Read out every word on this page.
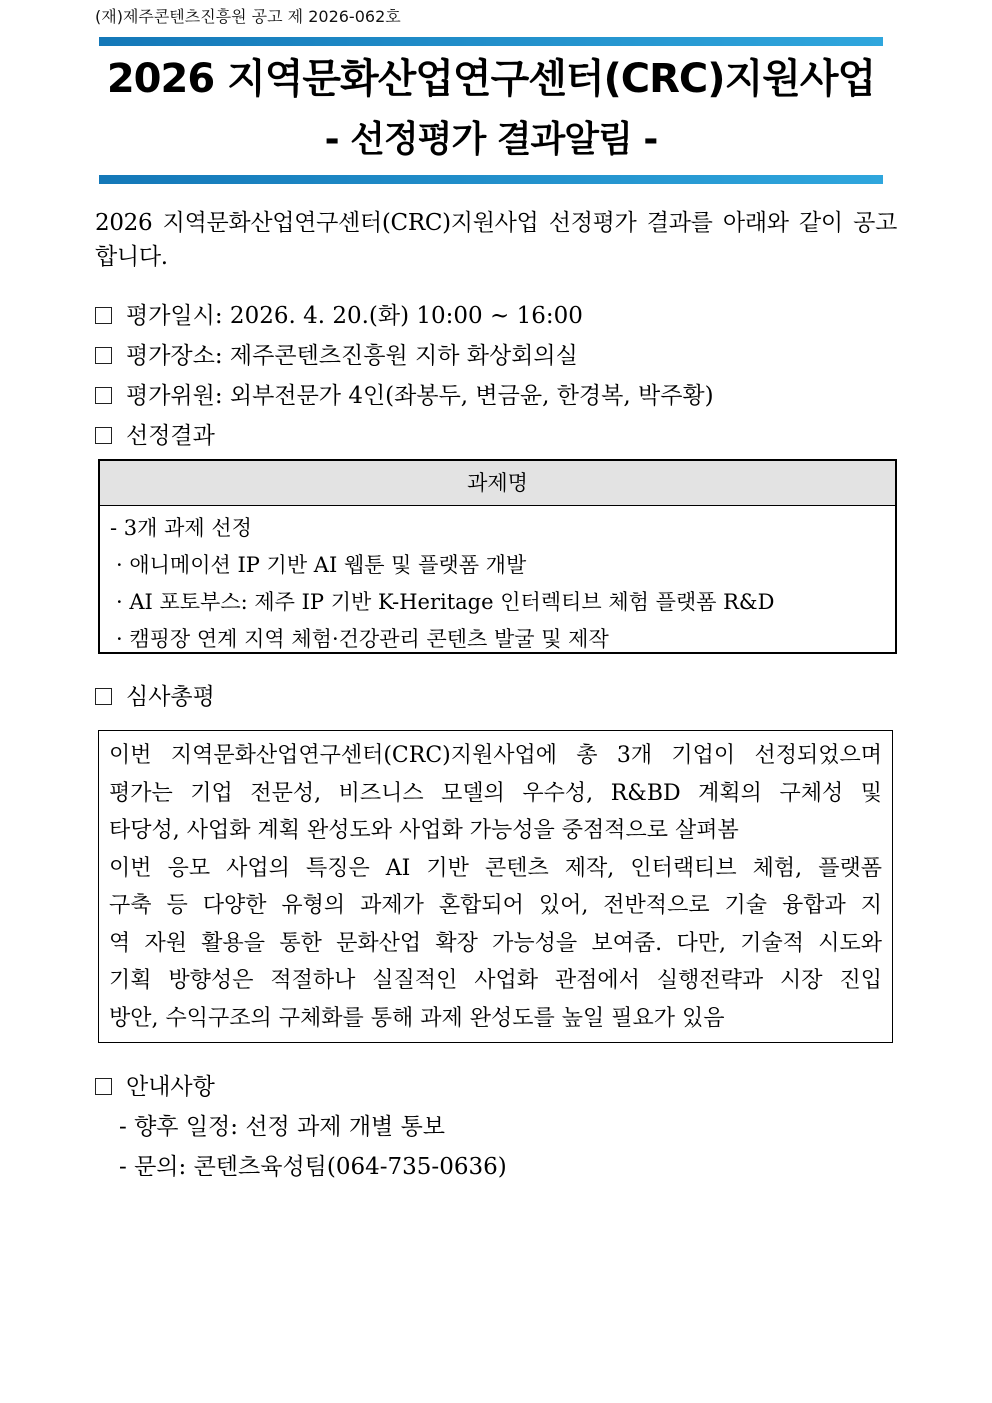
(재)제주콘텐츠진흥원 공고 제 2026-062호
2026 지역문화산업연구센터(CRC)지원사업
- 선정평가 결과알림 -
2026 지역문화산업연구센터(CRC)지원사업 선정평가 결과를 아래와 같이 공고합니다.
평가일시: 2026. 4. 20.(화) 10:00 ~ 16:00
평가장소: 제주콘텐츠진흥원 지하 화상회의실
평가위원: 외부전문가 4인(좌봉두, 변금윤, 한경복, 박주황)
선정결과
과제명
- 3개 과제 선정
· 애니메이션 IP 기반 AI 웹툰 및 플랫폼 개발
· AI 포토부스: 제주 IP 기반 K-Heritage 인터렉티브 체험 플랫폼 R&D
· 캠핑장 연계 지역 체험·건강관리 콘텐츠 발굴 및 제작
심사총평
이번 지역문화산업연구센터(CRC)지원사업에 총 3개 기업이 선정되었으며
평가는 기업 전문성, 비즈니스 모델의 우수성, R&BD 계획의 구체성 및
타당성, 사업화 계획 완성도와 사업화 가능성을 중점적으로 살펴봄
이번 응모 사업의 특징은 AI 기반 콘텐츠 제작, 인터랙티브 체험, 플랫폼
구축 등 다양한 유형의 과제가 혼합되어 있어, 전반적으로 기술 융합과 지
역 자원 활용을 통한 문화산업 확장 가능성을 보여줌. 다만, 기술적 시도와
기획 방향성은 적절하나 실질적인 사업화 관점에서 실행전략과 시장 진입
방안, 수익구조의 구체화를 통해 과제 완성도를 높일 필요가 있음
안내사항
- 향후 일정: 선정 과제 개별 통보
- 문의: 콘텐츠육성팀(064-735-0636)
